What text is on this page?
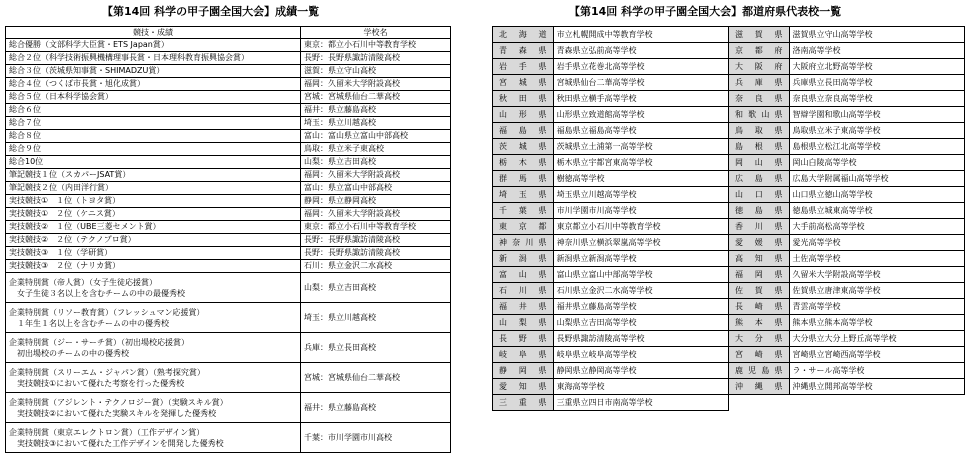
【第14回 科学の甲子園全国大会】成績一覧	【第14回 科学の甲子園全国大会】都道府県代表校一覧
競技・成績	学校名
総合優勝（文部科学大臣賞・ETS Japan賞）	東京：都立小石川中等教育学校
総合２位（科学技術振興機構理事長賞・日本理科教育振興協会賞）	長野：長野県諏訪清陵高校
総合３位（茨城県知事賞・SHIMADZU賞）	滋賀：県立守山高校
総合４位（つくば市長賞・旭化成賞）	福岡：久留米大学附設高校
総合５位（日本科学協会賞）	宮城：宮城県仙台二華高校
総合６位	福井：県立藤島高校
総合７位	埼玉：県立川越高校
総合８位	富山：富山県立富山中部高校
総合９位	鳥取：県立米子東高校
総合10位	山梨：県立吉田高校
筆記競技１位（スカパーJSAT賞）	福岡：久留米大学附設高校
筆記競技２位（内田洋行賞）	富山：県立富山中部高校
実技競技①　１位（トヨタ賞）	静岡：県立静岡高校
実技競技①　２位（ケニス賞）	福岡：久留米大学附設高校
実技競技②　１位（UBE三菱セメント賞）	東京：都立小石川中等教育学校
実技競技②　２位（テクノプロ賞）	長野：長野県諏訪清陵高校
実技競技③　１位（学研賞）	長野：長野県諏訪清陵高校
実技競技③　２位（ナリカ賞）	石川：県立金沢二水高校
企業特別賞（帝人賞）（女子生徒応援賞）
　女子生徒３名以上を含むチームの中の最優秀校	山梨：県立吉田高校
企業特別賞（リソー教育賞）（フレッシュマン応援賞）
　１年生１名以上を含むチームの中の優秀校	埼玉：県立川越高校
企業特別賞（ジー・サーチ賞）（初出場校応援賞）
　初出場校のチームの中の優秀校	兵庫：県立長田高校
企業特別賞（スリーエム・ジャパン賞）（熟考探究賞）
　実技競技①において優れた考察を行った優秀校	宮城：宮城県仙台二華高校
企業特別賞（アジレント・テクノロジー賞）（実験スキル賞）
　実技競技②において優れた実験スキルを発揮した優秀校	福井：県立藤島高校
企業特別賞（東京エレクトロン賞）（工作デザイン賞）
　実技競技③において優れた工作デザインを開発した優秀校	千葉：市川学園市川高校
北海道	市立札幌開成中等教育学校	滋賀県	滋賀県立守山高等学校
青森県	青森県立弘前高等学校	京都府	洛南高等学校
岩手県	岩手県立花巻北高等学校	大阪府	大阪府立北野高等学校
宮城県	宮城県仙台二華高等学校	兵庫県	兵庫県立長田高等学校
秋田県	秋田県立横手高等学校	奈良県	奈良県立奈良高等学校
山形県	山形県立致道館高等学校	和歌山県	智辯学園和歌山高等学校
福島県	福島県立福島高等学校	鳥取県	鳥取県立米子東高等学校
茨城県	茨城県立土浦第一高等学校	島根県	島根県立松江北高等学校
栃木県	栃木県立宇都宮東高等学校	岡山県	岡山白陵高等学校
群馬県	樹徳高等学校	広島県	広島大学附属福山高等学校
埼玉県	埼玉県立川越高等学校	山口県	山口県立徳山高等学校
千葉県	市川学園市川高等学校	徳島県	徳島県立城東高等学校
東京都	東京都立小石川中等教育学校	香川県	大手前高松高等学校
神奈川県	神奈川県立横浜翠嵐高等学校	愛媛県	愛光高等学校
新潟県	新潟県立新潟高等学校	高知県	土佐高等学校
富山県	富山県立富山中部高等学校	福岡県	久留米大学附設高等学校
石川県	石川県立金沢二水高等学校	佐賀県	佐賀県立唐津東高等学校
福井県	福井県立藤島高等学校	長崎県	青雲高等学校
山梨県	山梨県立吉田高等学校	熊本県	熊本県立熊本高等学校
長野県	長野県諏訪清陵高等学校	大分県	大分県立大分上野丘高等学校
岐阜県	岐阜県立岐阜高等学校	宮崎県	宮崎県立宮崎西高等学校
静岡県	静岡県立静岡高等学校	鹿児島県	ラ・サール高等学校
愛知県	東海高等学校	沖縄県	沖縄県立開邦高等学校
三重県	三重県立四日市南高等学校		
